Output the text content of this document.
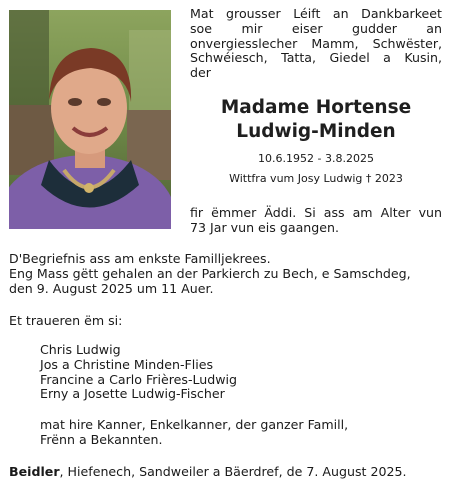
Mat grousser Léift an Dankbarkeet
soe mir eiser gudder an
onvergiesslecher Mamm, Schwëster,
Schwéiesch, Tatta, Giedel a Kusin,
der
Madame Hortense
Ludwig-Minden
10.6.1952 - 3.8.2025
Wittfra vum Josy Ludwig † 2023
fir ëmmer Äddi. Si ass am Alter vun
73 Jar vun eis gaangen.
D'Begriefnis ass am enkste Familljekrees.
Eng Mass gëtt gehalen an der Parkierch zu Bech, e Samschdeg,
den 9. August 2025 um 11 Auer.
Et traueren ëm si:
Chris Ludwig
Jos a Christine Minden-Flies
Francine a Carlo Frières-Ludwig
Erny a Josette Ludwig-Fischer
mat hire Kanner, Enkelkanner, der ganzer Famill,
Frënn a Bekannten.
Beidler, Hiefenech, Sandweiler a Bäerdref, de 7. August 2025.
